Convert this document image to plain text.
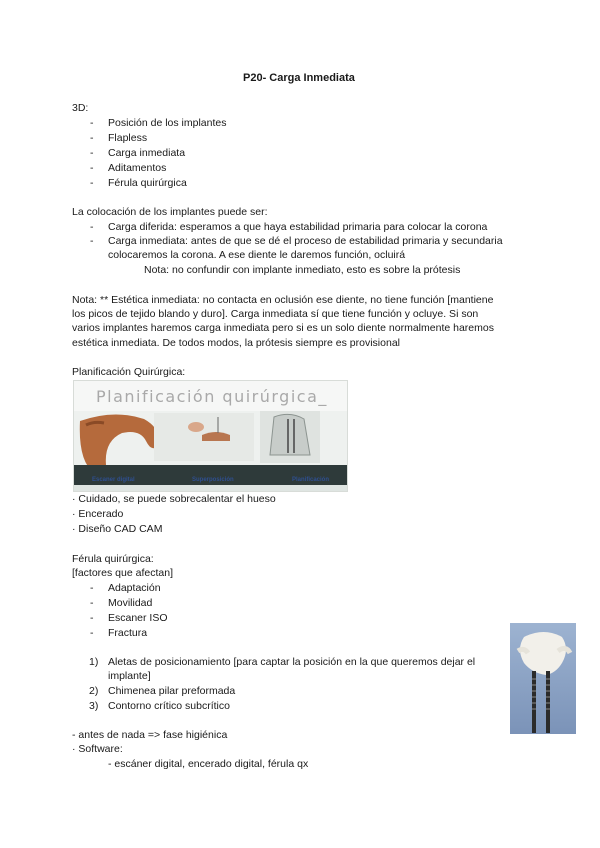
P20- Carga Inmediata
3D:
- Posición de los implantes
- Flapless
- Carga inmediata
- Aditamentos
- Férula quirúrgica
La colocación de los implantes puede ser:
- Carga diferida: esperamos a que haya estabilidad primaria para colocar la corona
- Carga inmediata: antes de que se dé el proceso de estabilidad primaria y secundaria
colocaremos la corona. A ese diente le daremos función, ocluirá
Nota: no confundir con implante inmediato, esto es sobre la prótesis
Nota: ** Estética inmediata: no contacta en oclusión ese diente, no tiene función [mantiene
los picos de tejido blando y duro]. Carga inmediata sí que tiene función y ocluye. Si son
varios implantes haremos carga inmediata pero si es un solo diente normalmente haremos
estética inmediata. De todos modos, la prótesis siempre es provisional
Planificación Quirúrgica:
Planificación quirúrgica_
Escaner digital	Superposición	Planificación
· Cuidado, se puede sobrecalentar el hueso
· Encerado
· Diseño CAD CAM
Férula quirúrgica:
[factores que afectan]
- Adaptación
- Movilidad
- Escaner ISO
- Fractura
1) Aletas de posicionamiento [para captar la posición en la que queremos dejar el
implante]
2) Chimenea pilar preformada
3) Contorno crítico subcrítico
- antes de nada => fase higiénica
· Software:
- escáner digital, encerado digital, férula qx
